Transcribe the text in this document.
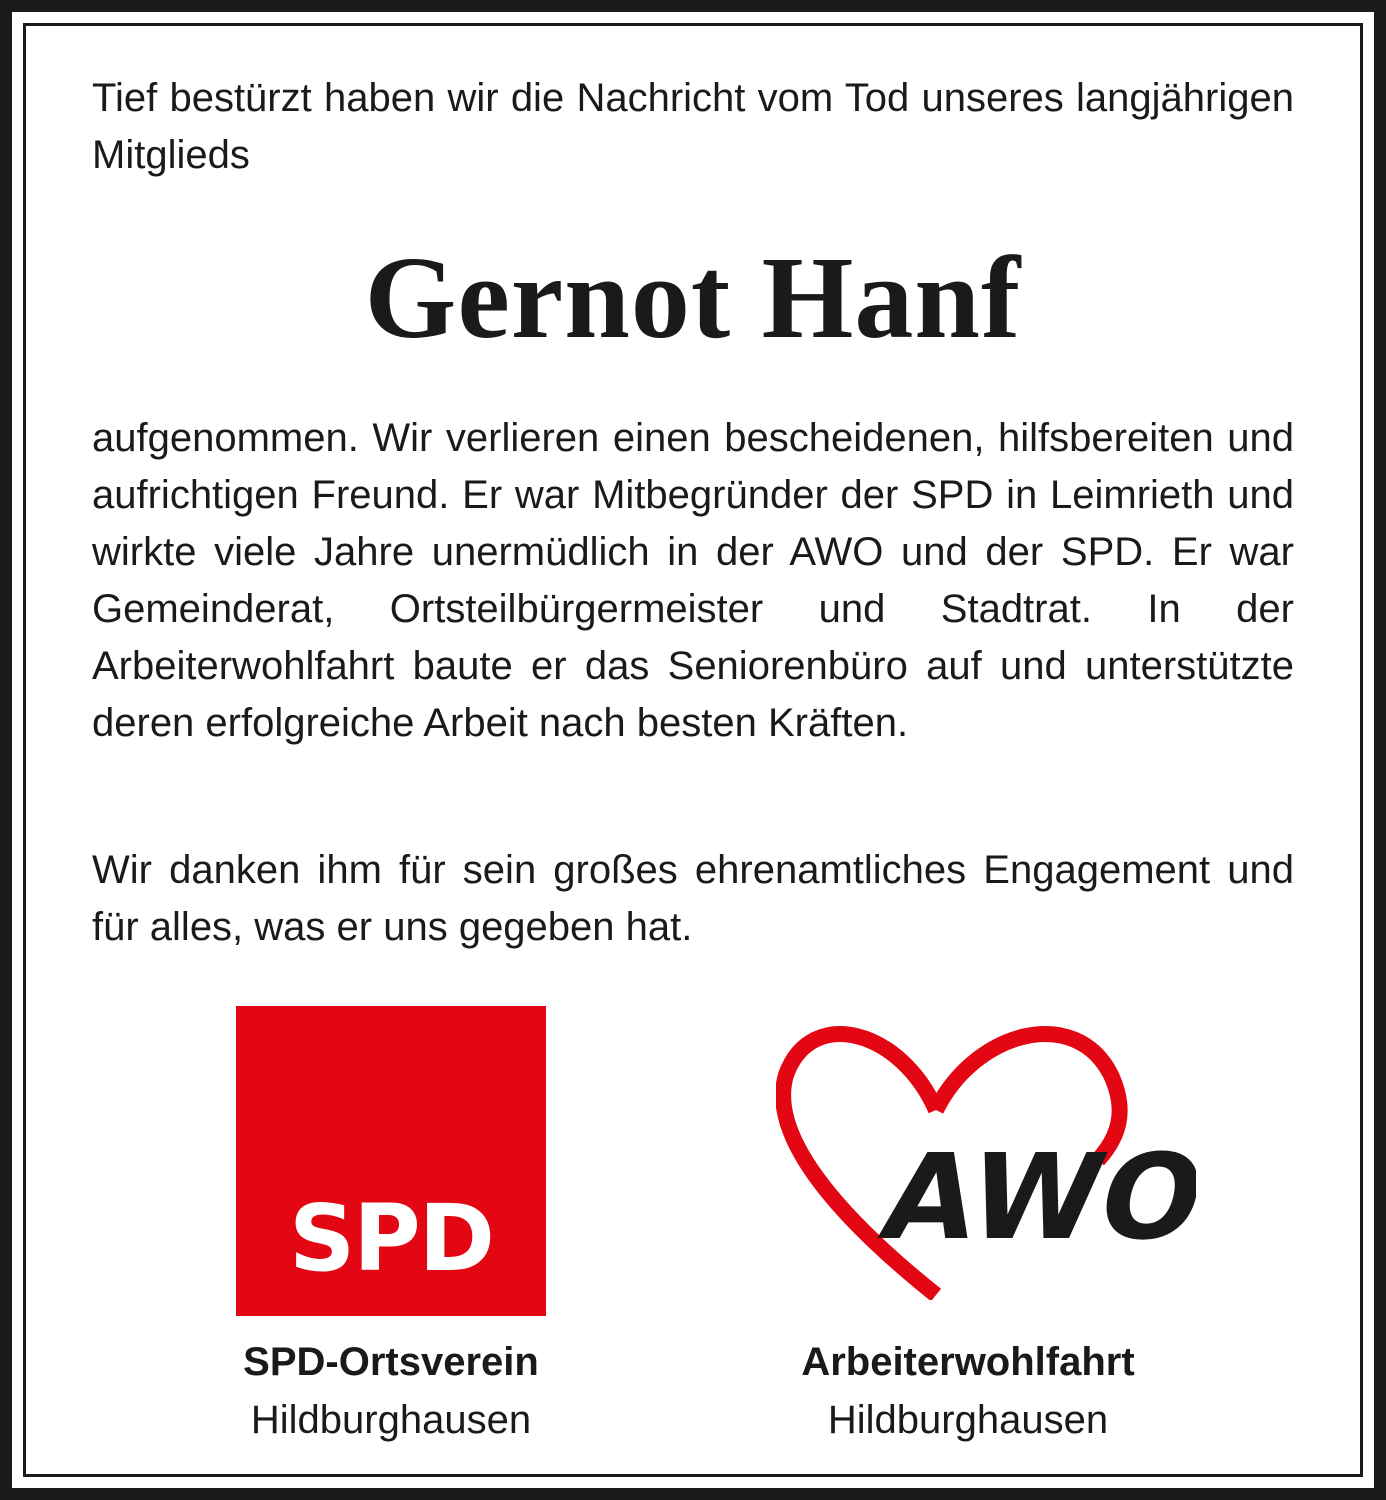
Tief bestürzt haben wir die Nachricht vom Tod unseres langjährigen Mitglieds

Gernot Hanf

aufgenommen. Wir verlieren einen bescheidenen, hilfsbereiten und aufrichtigen Freund. Er war Mitbegründer der SPD in Leimrieth und wirkte viele Jahre unermüdlich in der AWO und der SPD. Er war Gemeinderat, Ortsteilbürgermeister und Stadtrat. In der Arbeiterwohlfahrt baute er das Seniorenbüro auf und unterstützte deren erfolgreiche Arbeit nach besten Kräften.

Wir danken ihm für sein großes ehrenamtliches Engagement und für alles, was er uns gegeben hat.

SPD	AWO
SPD-Ortsverein
Hildburghausen
Arbeiterwohlfahrt
Hildburghausen
